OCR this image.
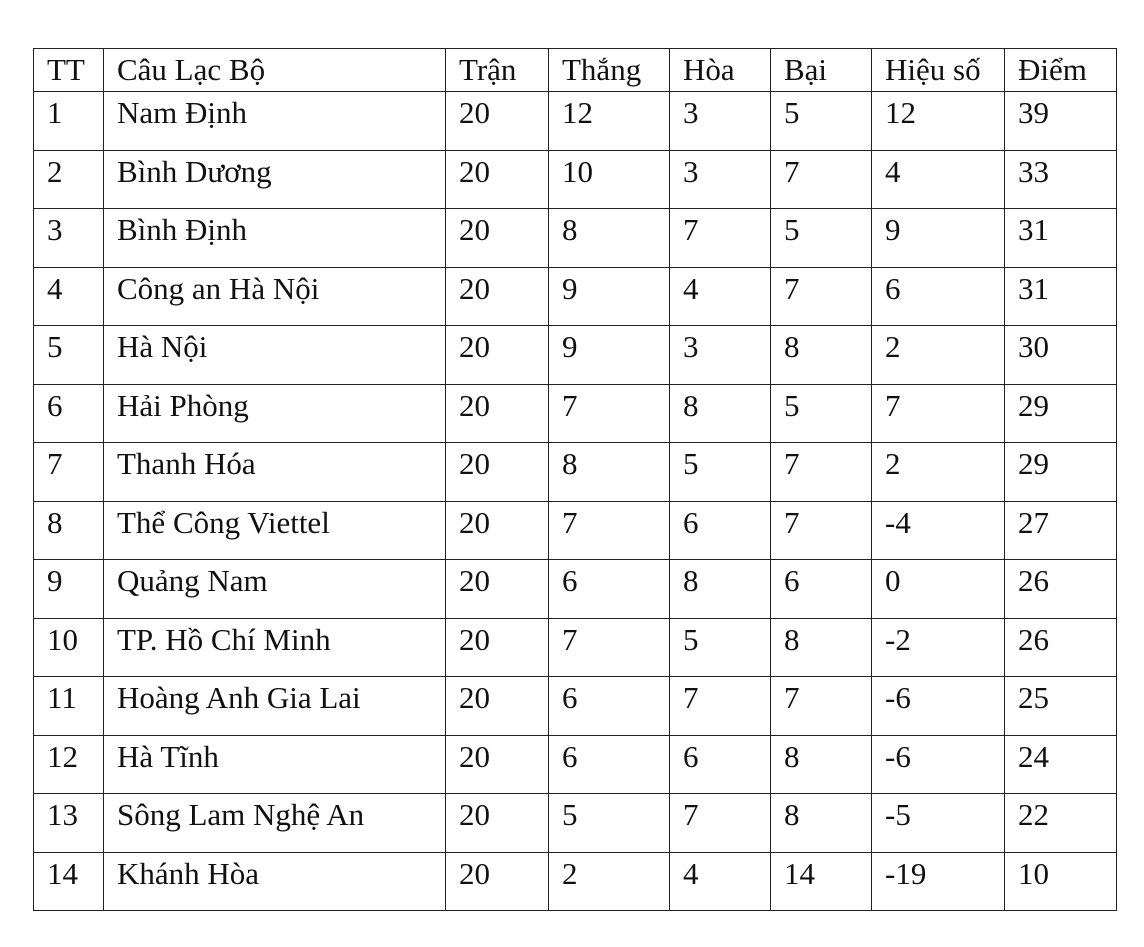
TT	Câu Lạc Bộ	Trận	Thắng	Hòa	Bại	Hiệu số	Điểm
1	Nam Định	20	12	3	5	12	39
2	Bình Dương	20	10	3	7	4	33
3	Bình Định	20	8	7	5	9	31
4	Công an Hà Nội	20	9	4	7	6	31
5	Hà Nội	20	9	3	8	2	30
6	Hải Phòng	20	7	8	5	7	29
7	Thanh Hóa	20	8	5	7	2	29
8	Thể Công Viettel	20	7	6	7	-4	27
9	Quảng Nam	20	6	8	6	0	26
10	TP. Hồ Chí Minh	20	7	5	8	-2	26
11	Hoàng Anh Gia Lai	20	6	7	7	-6	25
12	Hà Tĩnh	20	6	6	8	-6	24
13	Sông Lam Nghệ An	20	5	7	8	-5	22
14	Khánh Hòa	20	2	4	14	-19	10
